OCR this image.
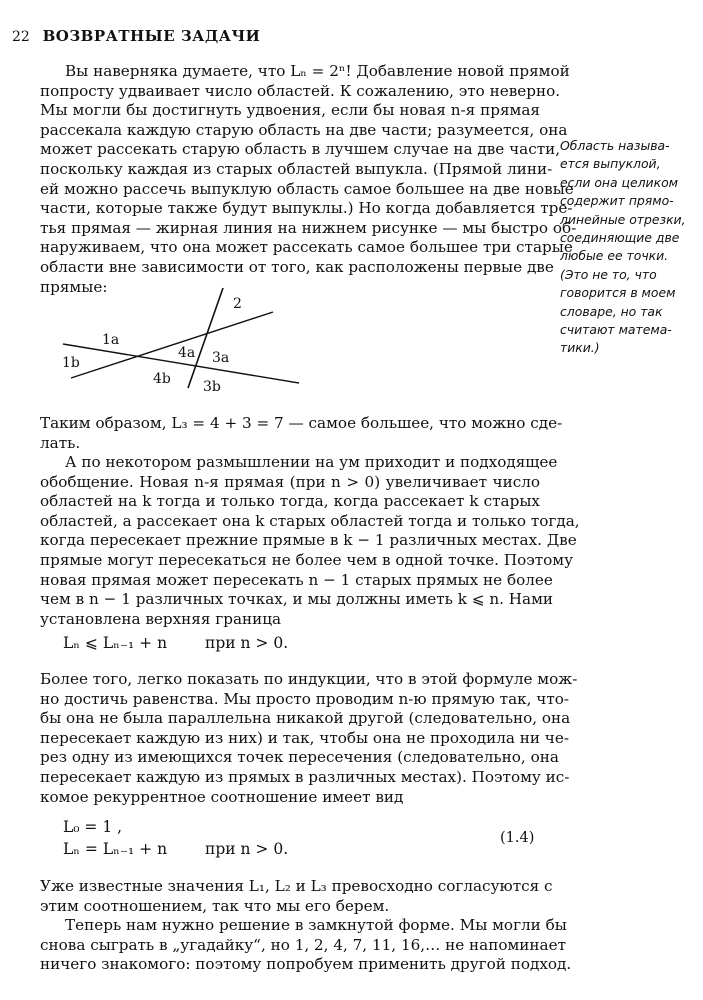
22 ВОЗВРАТНЫЕ ЗАДАЧИ
Вы наверняка думаете, что Lₙ = 2ⁿ! Добавление новой прямой
попросту удваивает число областей. К сожалению, это неверно.
Мы могли бы достигнуть удвоения, если бы новая n-я прямая
рассекала каждую старую область на две части; разумеется, она
может рассекать старую область в лучшем случае на две части,
поскольку каждая из старых областей выпукла. (Прямой лини-
ей можно рассечь выпуклую область самое большее на две новые
части, которые также будут выпуклы.) Но когда добавляется тре-
тья прямая — жирная линия на нижнем рисунке — мы быстро об-
наруживаем, что она может рассекать самое большее три старые
области вне зависимости от того, как расположены первые две
прямые:
Область называ-
ется выпуклой,
если она целиком
содержит прямо-
линейные отрезки,
соединяющие две
любые ее точки.
(Это не то, что
говорится в моем
словаре, но так
считают матема-
тики.)
2
1a
1b
4a 3a
4b 3b
Таким образом, L₃ = 4 + 3 = 7 — самое большее, что можно сде-
лать.
А по некотором размышлении на ум приходит и подходящее
обобщение. Новая n-я прямая (при n > 0) увеличивает число
областей на k тогда и только тогда, когда рассекает k старых
областей, а рассекает она k старых областей тогда и только тогда,
когда пересекает прежние прямые в k − 1 различных местах. Две
прямые могут пересекаться не более чем в одной точке. Поэтому
новая прямая может пересекать n − 1 старых прямых не более
чем в n − 1 различных точках, и мы должны иметь k ⩽ n. Нами
установлена верхняя граница
Lₙ ⩽ Lₙ₋₁ + n при n > 0.
Более того, легко показать по индукции, что в этой формуле мож-
но достичь равенства. Мы просто проводим n-ю прямую так, что-
бы она не была параллельна никакой другой (следовательно, она
пересекает каждую из них) и так, чтобы она не проходила ни че-
рез одну из имеющихся точек пересечения (следовательно, она
пересекает каждую из прямых в различных местах). Поэтому ис-
комое рекуррентное соотношение имеет вид
L₀ = 1 ,
Lₙ = Lₙ₋₁ + n при n > 0.
(1.4)
Уже известные значения L₁, L₂ и L₃ превосходно согласуются с
этим соотношением, так что мы его берем.
Теперь нам нужно решение в замкнутой форме. Мы могли бы
снова сыграть в „угадайку“, но 1, 2, 4, 7, 11, 16,… не напоминает
ничего знакомого: поэтому попробуем применить другой подход.
